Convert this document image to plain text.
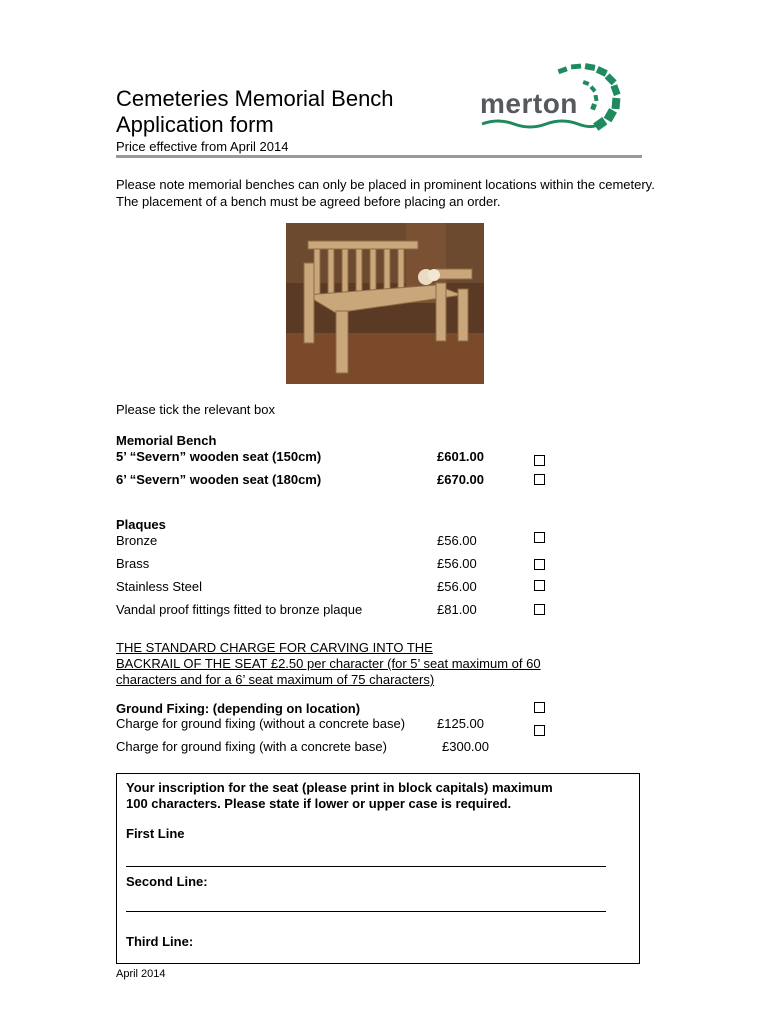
Cemeteries Memorial Bench
Application form
merton
Price effective from April 2014
Please note memorial benches can only be placed in prominent locations within the cemetery. The placement of a bench must be agreed before placing an order.
Please tick the relevant box
Memorial Bench
5’ “Severn” wooden seat (150cm)	£601.00
6’ “Severn” wooden seat (180cm)	£670.00
Plaques
Bronze	£56.00
Brass	£56.00
Stainless Steel	£56.00
Vandal proof fittings fitted to bronze plaque	£81.00
THE STANDARD CHARGE FOR CARVING INTO THE
BACKRAIL OF THE SEAT £2.50 per character (for 5’ seat maximum of 60
characters and for a 6’ seat maximum of 75 characters)
Ground Fixing: (depending on location)
Charge for ground fixing (without a concrete base) £125.00
Charge for ground fixing (with a concrete base)	£300.00
Your inscription for the seat (please print in block capitals) maximum
100 characters. Please state if lower or upper case is required.
First Line
Second Line:
Third Line:
April 2014
